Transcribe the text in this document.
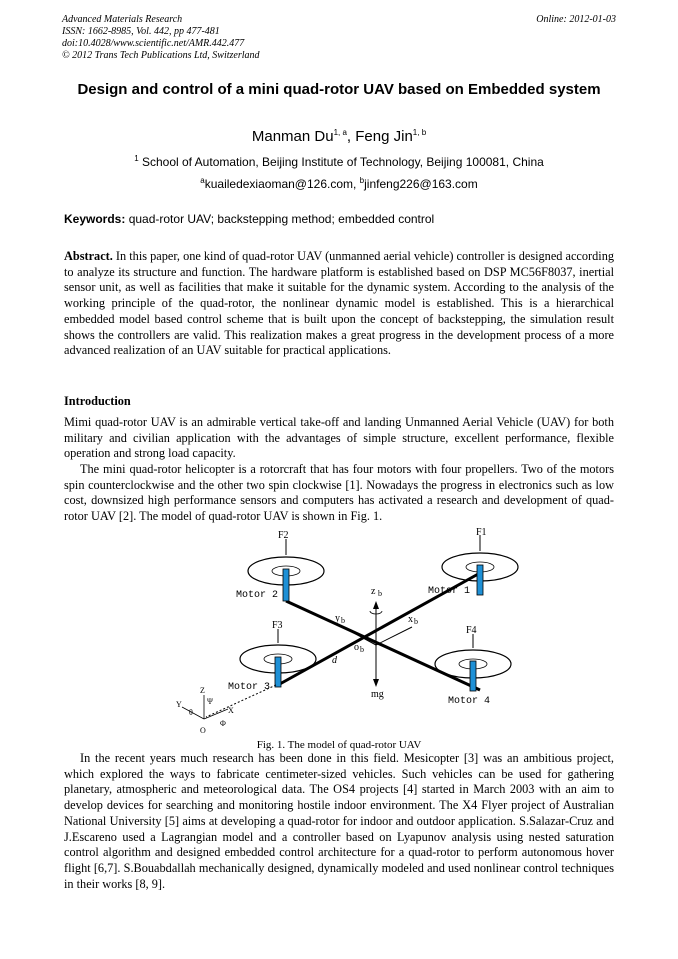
Advanced Materials Research
ISSN: 1662-8985, Vol. 442, pp 477-481
doi:10.4028/www.scientific.net/AMR.442.477
© 2012 Trans Tech Publications Ltd, Switzerland
Online: 2012-01-03
Design and control of a mini quad-rotor UAV based on Embedded system
Manman Du$^{1, a}$, Feng Jin$^{1, b}$
$^1$ School of Automation, Beijing Institute of Technology, Beijing 100081, China
$^a$kuailedexiaoman@126.com, $^b$jinfeng226@163.com
Keywords: quad-rotor UAV; backstepping method; embedded control
Abstract. In this paper, one kind of quad-rotor UAV (unmanned aerial vehicle) controller is designed according to analyze its structure and function. The hardware platform is established based on DSP MC56F8037, inertial sensor unit, as well as facilities that make it suitable for the dynamic system. According to the analysis of the working principle of the quad-rotor, the nonlinear dynamic model is established. This is a hierarchical embedded model based control scheme that is built upon the concept of backstepping, the simulation result shows the controllers are valid. This realization makes a great progress in the development process of a more advanced realization of an UAV suitable for practical applications.
Introduction
Mimi quad-rotor UAV is an admirable vertical take-off and landing Unmanned Aerial Vehicle (UAV) for both military and civilian application with the advantages of simple structure, excellent performance, flexible operation and strong load capacity.
The mini quad-rotor helicopter is a rotorcraft that has four motors with four propellers. Two of the motors spin counterclockwise and the other two spin clockwise [1]. Nowadays the progress in electronics such as low cost, downsized high performance sensors and computers has activated a research and development of quad-rotor UAV [2]. The model of quad-rotor UAV is shown in Fig. 1.
F2
Motor 2
F1
Motor 1
F3
Motor 3
F4
Motor 4
z b
y b	x b
o b
mg
d
Z
Y
X
O
θ
Ψ
Φ
Fig. 1. The model of quad-rotor UAV
In the recent years much research has been done in this field. Mesicopter [3] was an ambitious project, which explored the ways to fabricate centimeter-sized vehicles. Such vehicles can be used for gathering planetary, atmospheric and meteorological data. The OS4 projects [4] started in March 2003 with an aim to develop devices for searching and monitoring hostile indoor environment. The X4 Flyer project of Australian National University [5] aims at developing a quad-rotor for indoor and outdoor application. S.Salazar-Cruz and J.Escareno used a Lagrangian model and a controller based on Lyapunov analysis using nested saturation control algorithm and designed embedded control architecture for a quad-rotor to perform autonomous hover flight [6,7]. S.Bouabdallah mechanically designed, dynamically modeled and used nonlinear control techniques in their works [8, 9].
